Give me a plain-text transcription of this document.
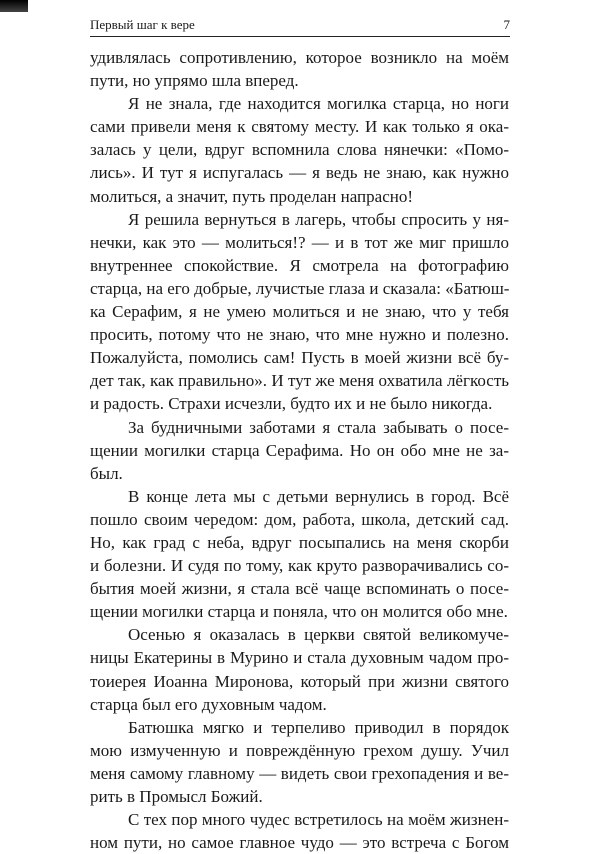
Первый шаг к вере	7
удивлялась сопротивлению, которое возникло на моём
пути, но упрямо шла вперед.
Я не знала, где находится могилка старца, но ноги
сами привели меня к святому месту. И как только я ока-
залась у цели, вдруг вспомнила слова нянечки: «Помо-
лись». И тут я испугалась — я ведь не знаю, как нужно
молиться, а значит, путь проделан напрасно!
Я решила вернуться в лагерь, чтобы спросить у ня-
нечки, как это — молиться!? — и в тот же миг пришло
внутреннее спокойствие. Я смотрела на фотографию
старца, на его добрые, лучистые глаза и сказала: «Батюш-
ка Серафим, я не умею молиться и не знаю, что у тебя
просить, потому что не знаю, что мне нужно и полезно.
Пожалуйста, помолись сам! Пусть в моей жизни всё бу-
дет так, как правильно». И тут же меня охватила лёгкость
и радость. Страхи исчезли, будто их и не было никогда.
За будничными заботами я стала забывать о посе-
щении могилки старца Серафима. Но он обо мне не за-
был.
В конце лета мы с детьми вернулись в город. Всё
пошло своим чередом: дом, работа, школа, детский сад.
Но, как град с неба, вдруг посыпались на меня скорби
и болезни. И судя по тому, как круто разворачивались со-
бытия моей жизни, я стала всё чаще вспоминать о посе-
щении могилки старца и поняла, что он молится обо мне.
Осенью я оказалась в церкви святой великомуче-
ницы Екатерины в Мурино и стала духовным чадом про-
тоиерея Иоанна Миронова, который при жизни святого
старца был его духовным чадом.
Батюшка мягко и терпеливо приводил в порядок
мою измученную и повреждённую грехом душу. Учил
меня самому главному — видеть свои грехопадения и ве-
рить в Промысл Божий.
С тех пор много чудес встретилось на моём жизнен-
ном пути, но самое главное чудо — это встреча с Богом
